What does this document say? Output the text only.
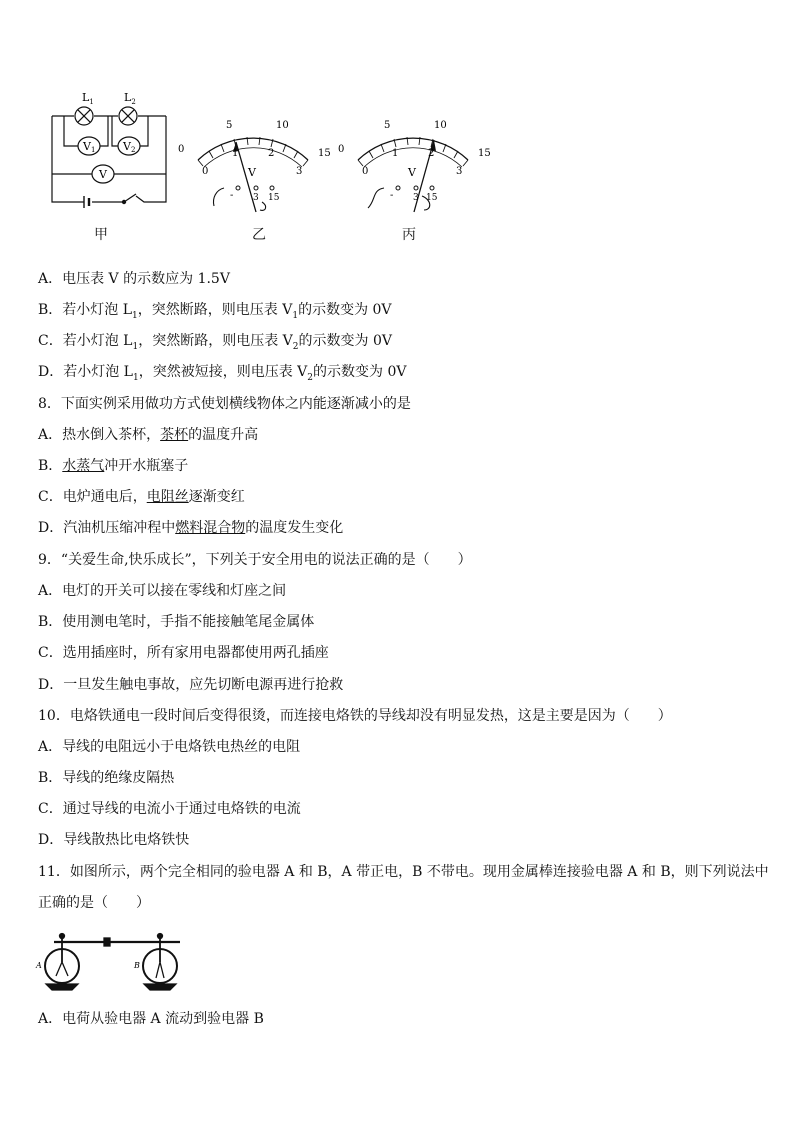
$L_1$	$L_2$
V1	V2
V
甲
0
5	10
15
0
1	2
3
V
- 3 15
乙
0
5	10
15
0
1	2
3
V
- 3 15
丙
A．电压表 V 的示数应为 1.5V
B．若小灯泡 $L_1$，突然断路，则电压表 $V_1$的示数变为 0V
C．若小灯泡 $L_1$，突然断路，则电压表 $V_2$的示数变为 0V
D．若小灯泡 $L_1$，突然被短接，则电压表 $V_2$的示数变为 0V
8．下面实例采用做功方式使划横线物体之内能逐渐减小的是
A．热水倒入茶杯，茶杯的温度升高
B．水蒸气冲开水瓶塞子
C．电炉通电后，电阻丝逐渐变红
D．汽油机压缩冲程中燃料混合物的温度发生变化
9．“关爱生命,快乐成长”，下列关于安全用电的说法正确的是（　　）
A．电灯的开关可以接在零线和灯座之间
B．使用测电笔时，手指不能接触笔尾金属体
C．选用插座时，所有家用电器都使用两孔插座
D．一旦发生触电事故，应先切断电源再进行抢救
10．电烙铁通电一段时间后变得很烫，而连接电烙铁的导线却没有明显发热，这是主要是因为（　　）
A．导线的电阻远小于电烙铁电热丝的电阻
B．导线的绝缘皮隔热
C．通过导线的电流小于通过电烙铁的电流
D．导线散热比电烙铁快
11．如图所示，两个完全相同的验电器 A 和 B，A 带正电，B 不带电。现用金属棒连接验电器 A 和 B，则下列说法中
正确的是（　　）
A	B
A．电荷从验电器 A 流动到验电器 B
